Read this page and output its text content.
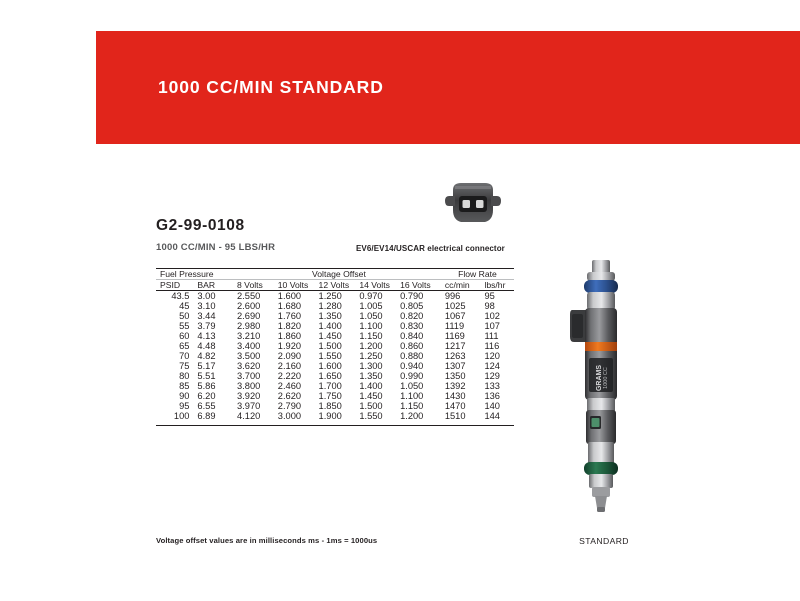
1000 CC/MIN STANDARD
G2-99-0108
1000 CC/MIN - 95 LBS/HR	EV6/EV14/USCAR electrical connector
Fuel Pressure		Voltage Offset					Flow Rate	
PSID	BAR	8 Volts	10 Volts	12 Volts	14 Volts	16 Volts	cc/min	lbs/hr
43.5	3.00	2.550	1.600	1.250	0.970	0.790	996	95
45	3.10	2.600	1.680	1.280	1.005	0.805	1025	98
50	3.44	2.690	1.760	1.350	1.050	0.820	1067	102
55	3.79	2.980	1.820	1.400	1.100	0.830	1119	107
60	4.13	3.210	1.860	1.450	1.150	0.840	1169	111
65	4.48	3.400	1.920	1.500	1.200	0.860	1217	116
70	4.82	3.500	2.090	1.550	1.250	0.880	1263	120
75	5.17	3.620	2.160	1.600	1.300	0.940	1307	124
80	5.51	3.700	2.220	1.650	1.350	0.990	1350	129
85	5.86	3.800	2.460	1.700	1.400	1.050	1392	133
90	6.20	3.920	2.620	1.750	1.450	1.100	1430	136
95	6.55	3.970	2.790	1.850	1.500	1.150	1470	140
100	6.89	4.120	3.000	1.900	1.550	1.200	1510	144
Voltage offset values are in milliseconds ms - 1ms = 1000us
GRAMS 1000 CC
STANDARD
